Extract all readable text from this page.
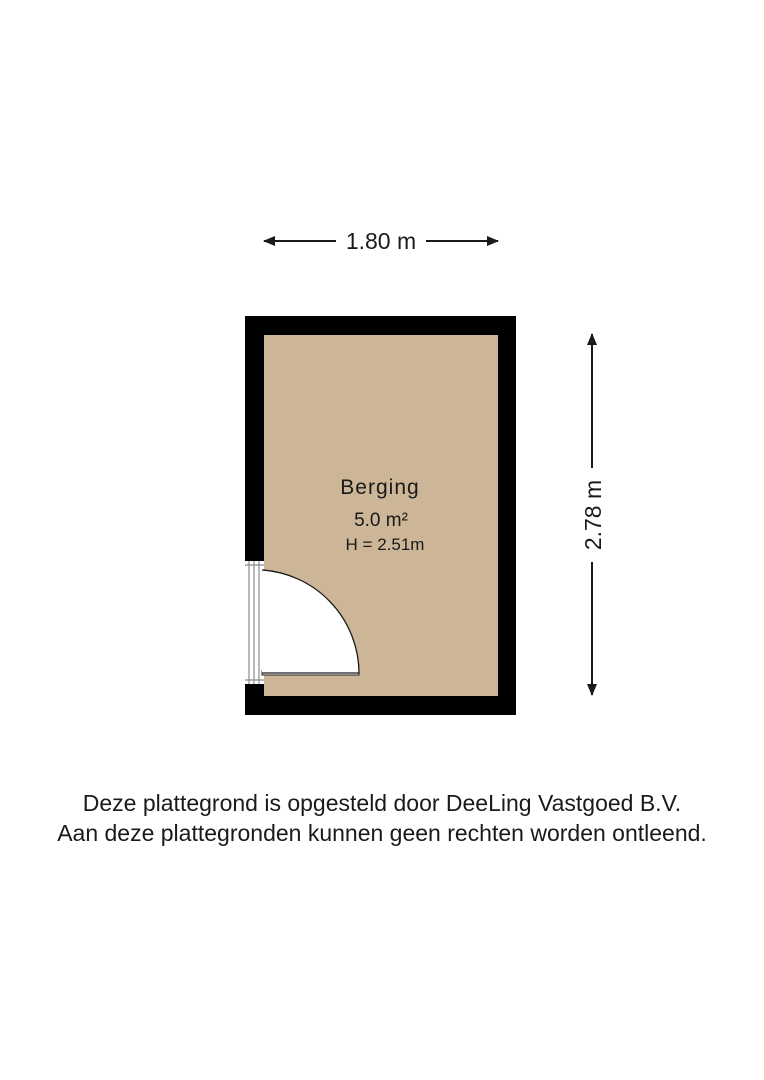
1.80 m
2.78 m
Berging
5.0 m²
H = 2.51m
Deze plattegrond is opgesteld door DeeLing Vastgoed B.V.
Aan deze plattegronden kunnen geen rechten worden ontleend.
